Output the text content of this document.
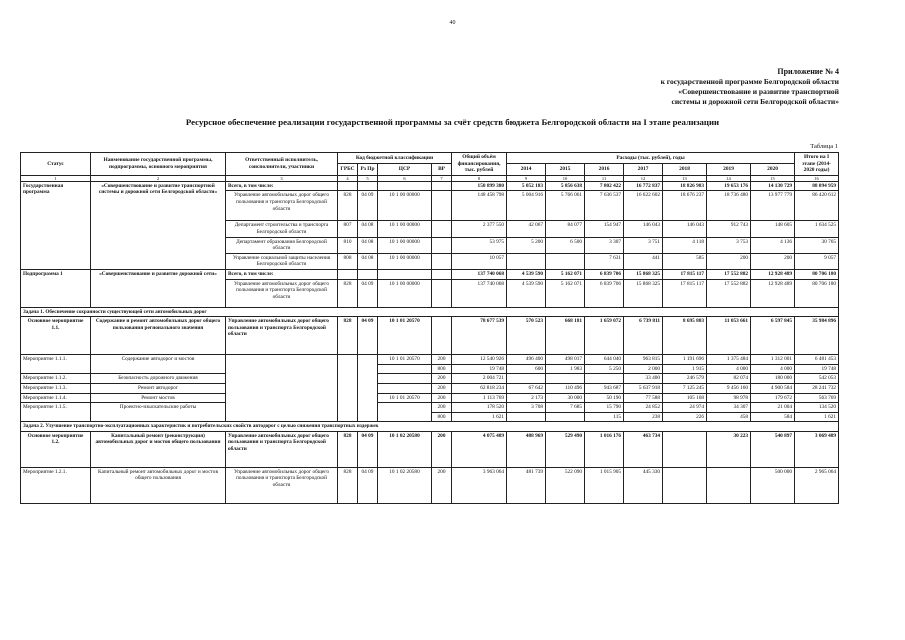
40
Приложение № 4
к государственной программе Белгородской области
«Совершенствование и развитие транспортной
системы и дорожной сети Белгородской области»
Ресурсное обеспечение реализации государственной программы за счёт средств бюджета Белгородской области на I этапе реализации
Таблица 1
Статус	Наименование государственной программы, подпрограммы, основного мероприятия	Ответственный исполнитель, соисполнители, участники	Код бюджетной классификации				Общий объём финансирования, тыс. рублей	Расходы (тыс. рублей), годы							Итого на I этапе (2014-2020 годы)
			ГРБС	Рз Пр	ЦСР	ВР		2014	2015	2016	2017	2018	2019	2020	
1	2	3	4	5	6	7	8	9	10	11	12	13	14	15	16
Государственная программа	«Совершенствование и развитие транспортной системы и дорожной сети Белгородской области»	Всего, в том числе:					150 899 380	5 052 183	5 856 638	7 802 422	16 772 837	18 826 983	19 653 176	14 130 729	88 094 959
		Управление автомобильных дорог общего пользования и транспорта Белгородской области	828	04 09	10 1 00 00000		148 458 798	5 004 916	5 766 061	7 636 537	16 622 602	18 676 237	18 736 480	13 977 779	86 420 612
		Департамент строительства и транспорта Белгородской области	807	04 08	10 1 00 00000		2 377 550	42 067	84 077	154 947	146 043	146 043	912 743	148 605	1 634 525
		Департамент образования Белгородской области	810	04 08	10 1 00 00000		53 975	5 200	6 500	3 307	3 751	4 118	3 753	4 136	30 765
		Управление социальной защиты населения Белгородской области	808	04 08	10 1 00 00000		10 057			7 631	441	585	200	200	9 057
Подпрограмма 1	«Совершенствование и развитие дорожной сети»	Всего, в том числе:					137 740 068	4 539 590	5 162 071	6 839 706	15 868 325	17 815 117	17 552 882	12 928 489	80 706 180
		Управление автомобильных дорог общего пользования и транспорта Белгородской области	828	04 09	10 1 00 00000		137 740 068	4 539 590	5 162 071	6 839 706	15 868 325	17 815 117	17 552 882	12 928 489	80 706 180
Задача 1. Обеспечение сохранности существующей сети автомобильных дорог															
Основное мероприятие 1.1.	Содержание и ремонт автомобильных дорог общего пользования регионального значения	Управление автомобильных дорог общего пользования и транспорта Белгородской области	828	04 09	10 1 01 20570		78 677 539	570 523	668 181	1 659 072	6 739 811	8 695 803	11 053 661	6 597 845	35 984 896
Мероприятие 1.1.1.	Содержание автодорог и мостов				10 1 01 20570	200	12 540 926	496 400	498 017	644 040	963 815	1 191 696	1 375 484	1 312 001	6 481 453
						800	19 748	600	1 983	5 250	2 000	1 915	4 000	4 000	19 748
Мероприятие 1.1.2.	Безопасность дорожного движения					200	2 004 721				33 400	246 579	82 074	180 000	542 053
Мероприятие 1.1.3.	Ремонт автодорог					200	62 818 234	67 642	110 496	943 687	5 637 918	7 125 245	9 456 160	4 900 584	28 241 732
Мероприятие 1.1.4.	Ремонт мостов				10 1 01 20570	200	1 113 769	2 173	30 000	50 190	77 588	105 168	98 978	179 672	563 769
Мероприятие 1.1.5.	Проектно-изыскательские работы					200	178 520	3 708	7 685	15 790	24 852	24 974	34 307	21 004	134 520
						800	1 621			115	238	226	458	584	1 621
Задача 2. Улучшение транспортно-эксплуатационных характеристик и потребительских свойств автодорог с целью снижения транспортных издержек															
Основное мероприятие 1.2.	Капитальный ремонт (реконструкция) автомобильных дорог и мостов общего пользования	Управление автомобильных дорог общего пользования и транспорта Белгородской области	828	04 09	10 1 02 20580	200	4 075 489	488 969	529 490	1 016 176	463 734		30 223	540 897	3 069 489
Мероприятие 1.2.1.	Капитальный ремонт автомобильных дорог и мостов общего пользования	Управление автомобильных дорог общего пользования и транспорта Белгородской области	828	04 09	10 1 02 20580	200	3 963 064	481 739	522 090	1 015 905	445 330			500 000	2 965 064
